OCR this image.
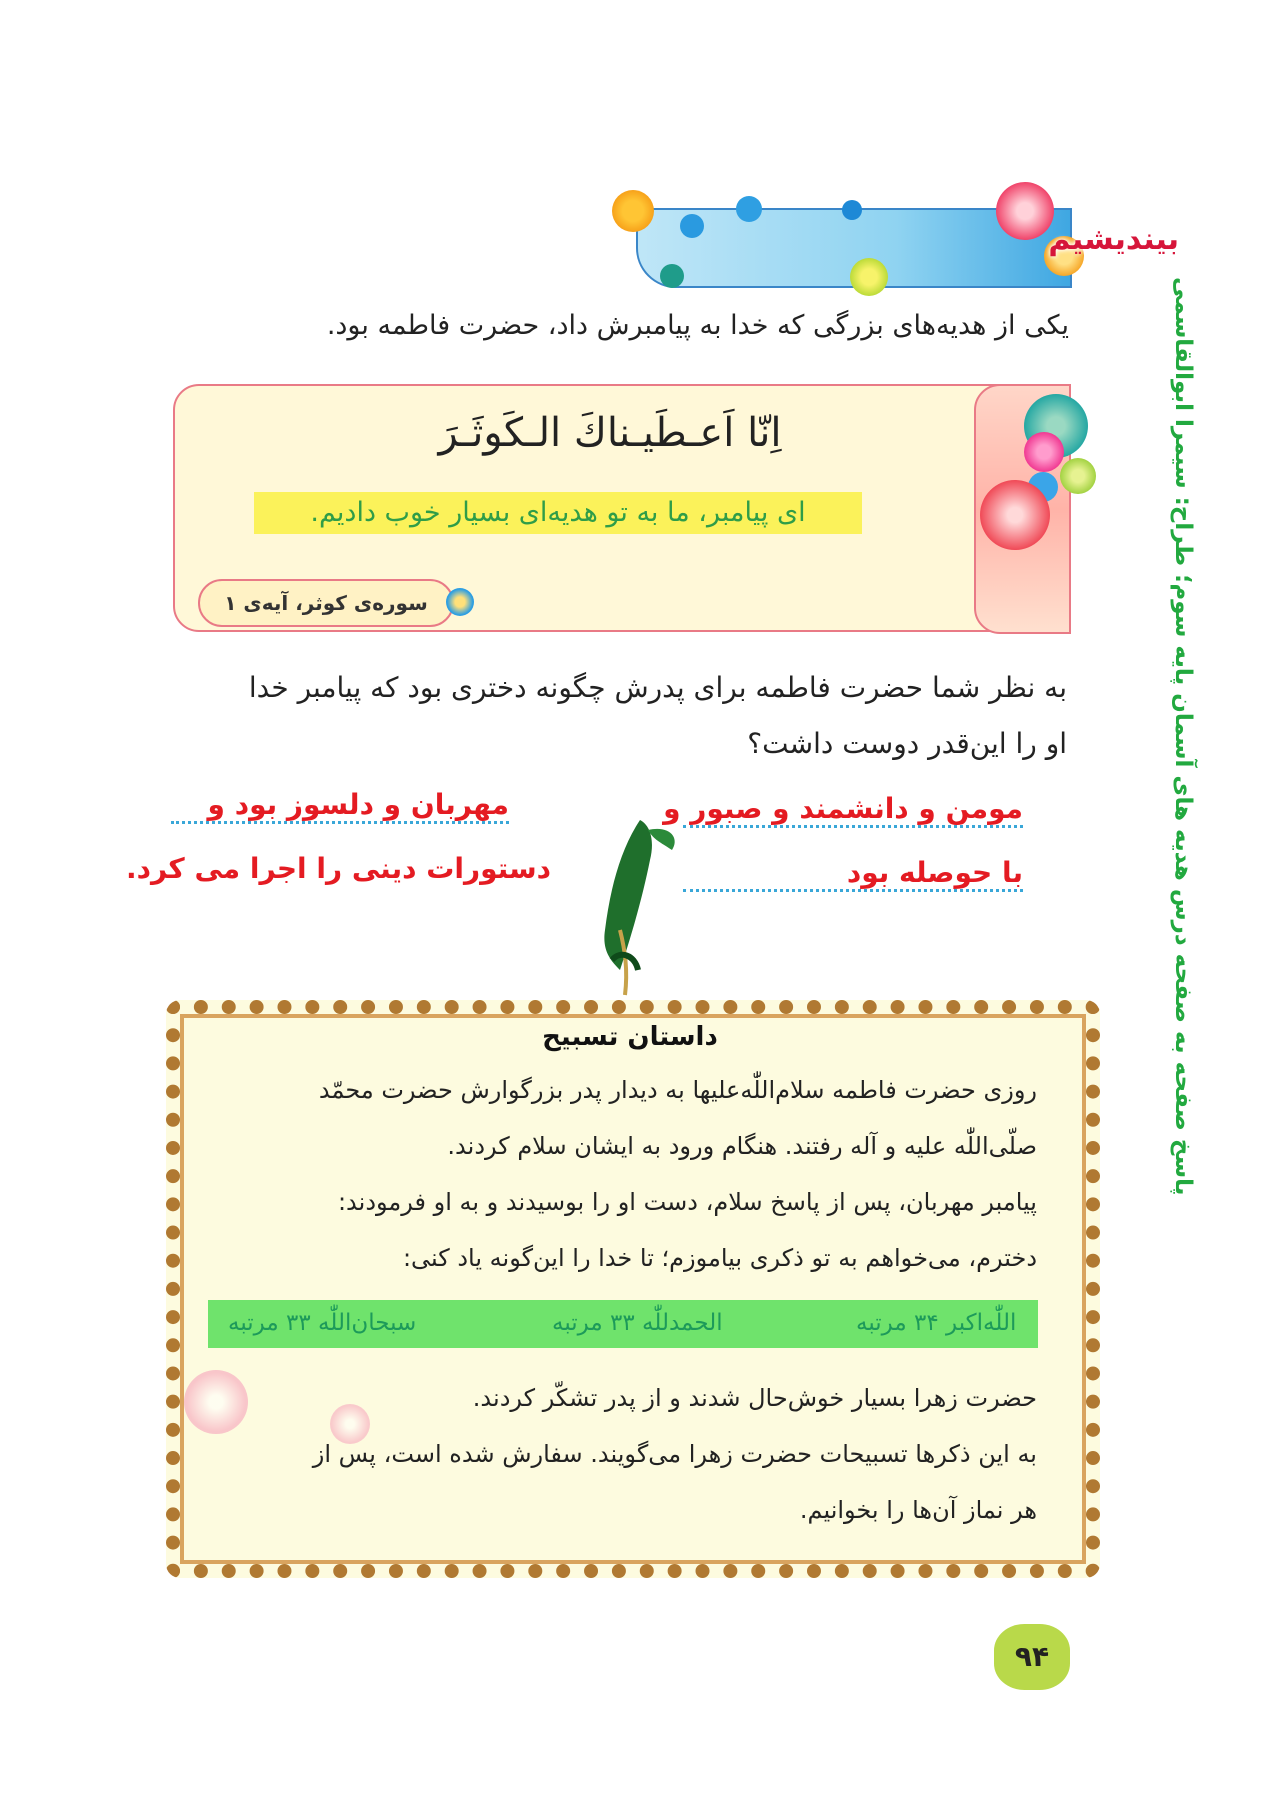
بیندیشیم
یکی از هدیه‌های بزرگی که خدا به پیامبرش داد، حضرت فاطمه بود.
اِنّا اَعـطَیـناكَ الـكَوثَـرَ
ای پیامبر، ما به تو هدیه‌ای بسیار خوب دادیم.
سوره‌ی کوثر، آیه‌ی ۱
به نظر شما حضرت فاطمه برای پدرش چگونه دختری بود که پیامبر خدا
او را این‌قدر دوست داشت؟
مومن و دانشمند و صبور و
مهربان و دلسوز بود و
با حوصله بود
دستورات دینی را اجرا می کرد.
داستان تسبیح
روزی حضرت فاطمه سلام‌اللّٰه‌علیها به دیدار پدر بزرگوارش حضرت محمّد
صلّی‌اللّٰه علیه و آله رفتند. هنگام ورود به ایشان سلام کردند.
پیامبر مهربان، پس از پاسخ سلام، دست او را بوسیدند و به او فرمودند:
دخترم، می‌خواهم به تو ذکری بیاموزم؛ تا خدا را این‌گونه یاد کنی:
اللّٰه‌اکبر ۳۴ مرتبه
الحمدللّٰه ۳۳ مرتبه
سبحان‌اللّٰه ۳۳ مرتبه
حضرت زهرا بسیار خوش‌حال شدند و از پدر تشکّر کردند.
به این ذکرها تسبیحات حضرت زهرا می‌گویند. سفارش شده است، پس از
هر نماز آن‌ها را بخوانیم.
۹۴
پاسخ صفحه به صفحه درس هدیه های آسمان پایه سوم؛ طراح: سیمرا ابوالقاسمی
